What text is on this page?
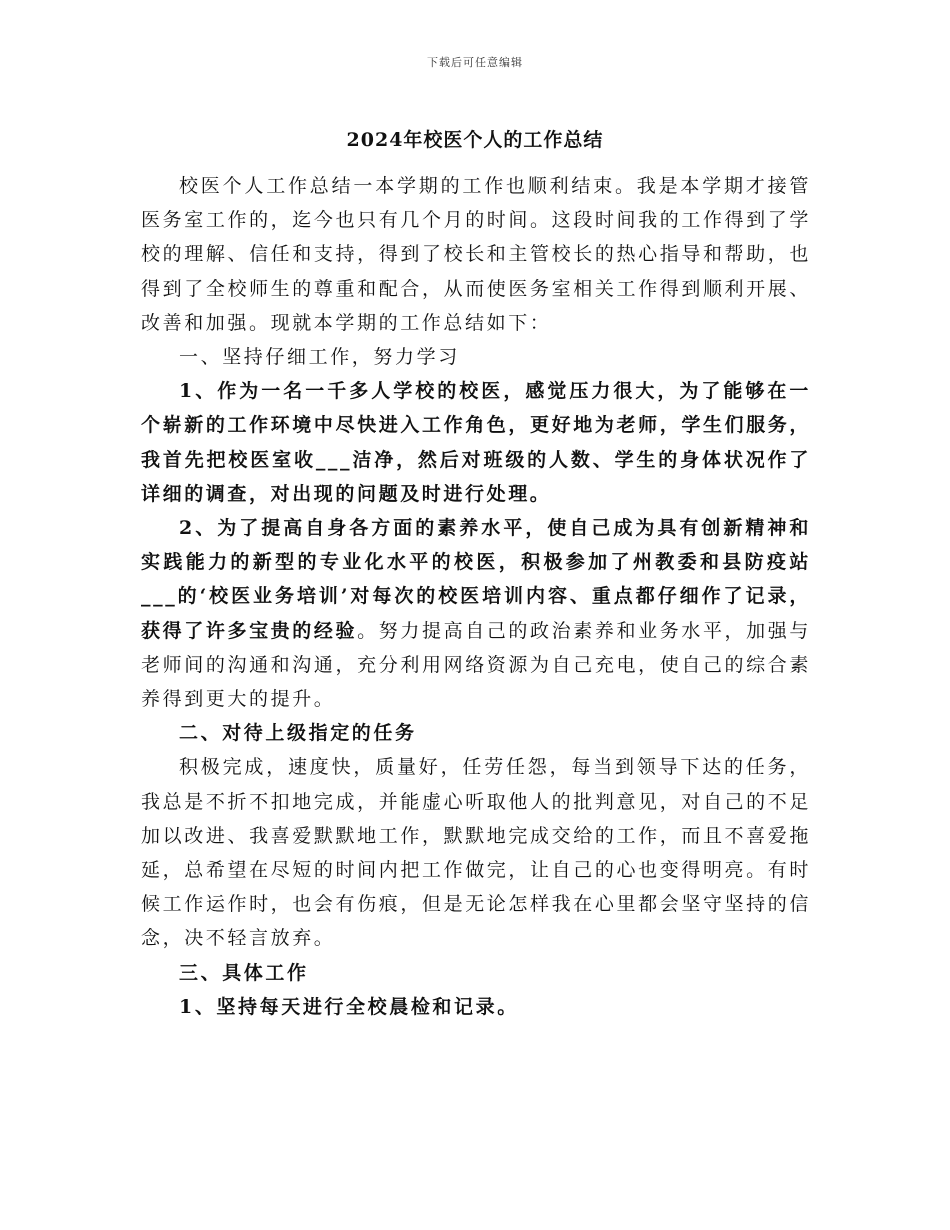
下载后可任意编辑
2024年校医个人的工作总结

校医个人工作总结一本学期的工作也顺利结束。我是本学期才接管医务室工作的，迄今也只有几个月的时间。这段时间我的工作得到了学校的理解、信任和支持，得到了校长和主管校长的热心指导和帮助，也得到了全校师生的尊重和配合，从而使医务室相关工作得到顺利开展、改善和加强。现就本学期的工作总结如下：

一、坚持仔细工作，努力学习

1、作为一名一千多人学校的校医，感觉压力很大，为了能够在一个崭新的工作环境中尽快进入工作角色，更好地为老师，学生们服务，我首先把校医室收___洁净，然后对班级的人数、学生的身体状况作了详细的调查，对出现的问题及时进行处理。

2、为了提高自身各方面的素养水平，使自己成为具有创新精神和实践能力的新型的专业化水平的校医，积极参加了州教委和县防疫站___的‘校医业务培训’对每次的校医培训内容、重点都仔细作了记录，获得了许多宝贵的经验。努力提高自己的政治素养和业务水平，加强与老师间的沟通和沟通，充分利用网络资源为自己充电，使自己的综合素养得到更大的提升。

二、对待上级指定的任务

积极完成，速度快，质量好，任劳任怨，每当到领导下达的任务，我总是不折不扣地完成，并能虚心听取他人的批判意见，对自己的不足加以改进、我喜爱默默地工作，默默地完成交给的工作，而且不喜爱拖延，总希望在尽短的时间内把工作做完，让自己的心也变得明亮。有时候工作运作时，也会有伤痕，但是无论怎样我在心里都会坚守坚持的信念，决不轻言放弃。

三、具体工作

1、坚持每天进行全校晨检和记录。
